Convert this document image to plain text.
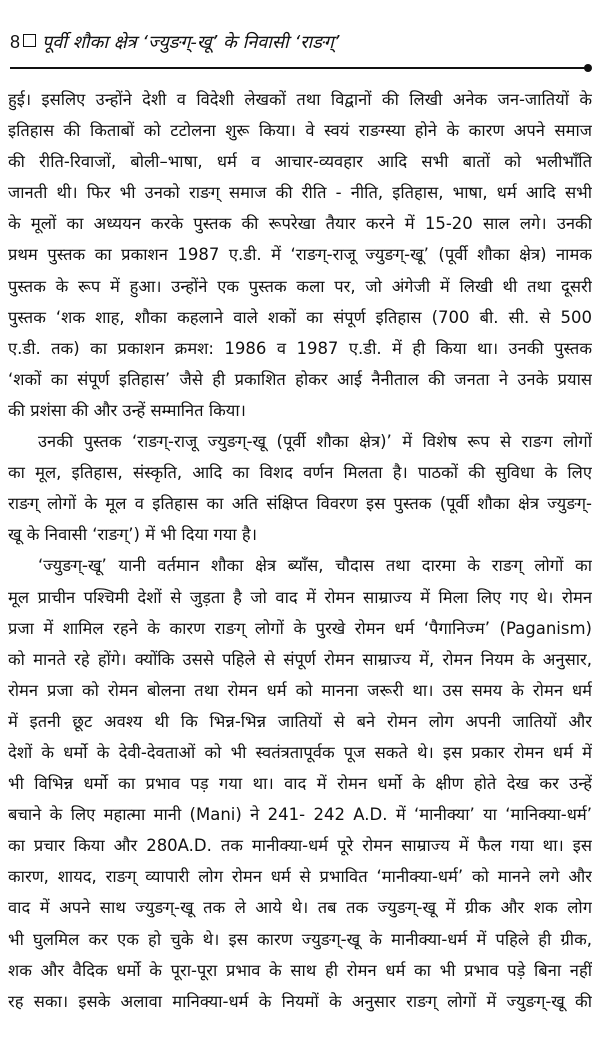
8 पूर्वी शौका क्षेत्र ‘ज्युङग्-खू’ के निवासी ‘राङग्’
हुई। इसलिए उन्होंने देशी व विदेशी लेखकों तथा विद्वानों की लिखी अनेक जन-जातियों के
इतिहास की किताबों को टटोलना शुरू किया। वे स्वयं राङग्स्या होने के कारण अपने समाज
की रीति-रिवाजों, बोली–भाषा, धर्म व आचार-व्यवहार आदि सभी बातों को भलीभाँति
जानती थी। फिर भी उनको राङग् समाज की रीति - नीति, इतिहास, भाषा, धर्म आदि सभी
के मूलों का अध्ययन करके पुस्तक की रूपरेखा तैयार करने में 15-20 साल लगे। उनकी
प्रथम पुस्तक का प्रकाशन 1987 ए.डी. में ‘राङग्-राजू ज्युङग्-खू’ (पूर्वी शौका क्षेत्र) नामक
पुस्तक के रूप में हुआ। उन्होंने एक पुस्तक कला पर, जो अंगेजी में लिखी थी तथा दूसरी
पुस्तक ‘शक शाह, शौका कहलाने वाले शकों का संपूर्ण इतिहास (700 बी. सी. से 500
ए.डी. तक) का प्रकाशन क्रमश: 1986 व 1987 ए.डी. में ही किया था। उनकी पुस्तक
‘शकों का संपूर्ण इतिहास’ जैसे ही प्रकाशित होकर आई नैनीताल की जनता ने उनके प्रयास
की प्रशंसा की और उन्हें सम्मानित किया।
उनकी पुस्तक ‘राङग्-राजू ज्युङग्-खू (पूर्वी शौका क्षेत्र)’ में विशेष रूप से राङग लोगों
का मूल, इतिहास, संस्कृति, आदि का विशद वर्णन मिलता है। पाठकों की सुविधा के लिए
राङग् लोगों के मूल व इतिहास का अति संक्षिप्त विवरण इस पुस्तक (पूर्वी शौका क्षेत्र ज्युङग्-
खू के निवासी ‘राङग्’) में भी दिया गया है।
‘ज्युङग्-खू’ यानी वर्तमान शौका क्षेत्र ब्याँस, चौदास तथा दारमा के राङग् लोगों का
मूल प्राचीन पश्चिमी देशों से जुड़ता है जो वाद में रोमन साम्राज्य में मिला लिए गए थे। रोमन
प्रजा में शामिल रहने के कारण राङग् लोगों के पुरखे रोमन धर्म ‘पैगानिज्म’ (Paganism)
को मानते रहे होंगे। क्योंकि उससे पहिले से संपूर्ण रोमन साम्राज्य में, रोमन नियम के अनुसार,
रोमन प्रजा को रोमन बोलना तथा रोमन धर्म को मानना जरूरी था। उस समय के रोमन धर्म
में इतनी छूट अवश्य थी कि भिन्न-भिन्न जातियों से बने रोमन लोग अपनी जातियों और
देशों के धर्मो के देवी-देवताओं को भी स्वतंत्रतापूर्वक पूज सकते थे। इस प्रकार रोमन धर्म में
भी विभिन्न धर्मो का प्रभाव पड़ गया था। वाद में रोमन धर्मो के क्षीण होते देख कर उन्हें
बचाने के लिए महात्मा मानी (Mani) ने 241- 242 A.D. में ‘मानीक्या’ या ‘मानिक्या-धर्म’
का प्रचार किया और 280A.D. तक मानीक्या-धर्म पूरे रोमन साम्राज्य में फैल गया था। इस
कारण, शायद, राङग् व्यापारी लोग रोमन धर्म से प्रभावित ‘मानीक्या-धर्म’ को मानने लगे और
वाद में अपने साथ ज्युङग्-खू तक ले आये थे। तब तक ज्युङग्-खू में ग्रीक और शक लोग
भी घुलमिल कर एक हो चुके थे। इस कारण ज्युङग्-खू के मानीक्या-धर्म में पहिले ही ग्रीक,
शक और वैदिक धर्मो के पूरा-पूरा प्रभाव के साथ ही रोमन धर्म का भी प्रभाव पड़े बिना नहीं
रह सका। इसके अलावा मानिक्या-धर्म के नियमों के अनुसार राङग् लोगों में ज्युङग्-खू की
